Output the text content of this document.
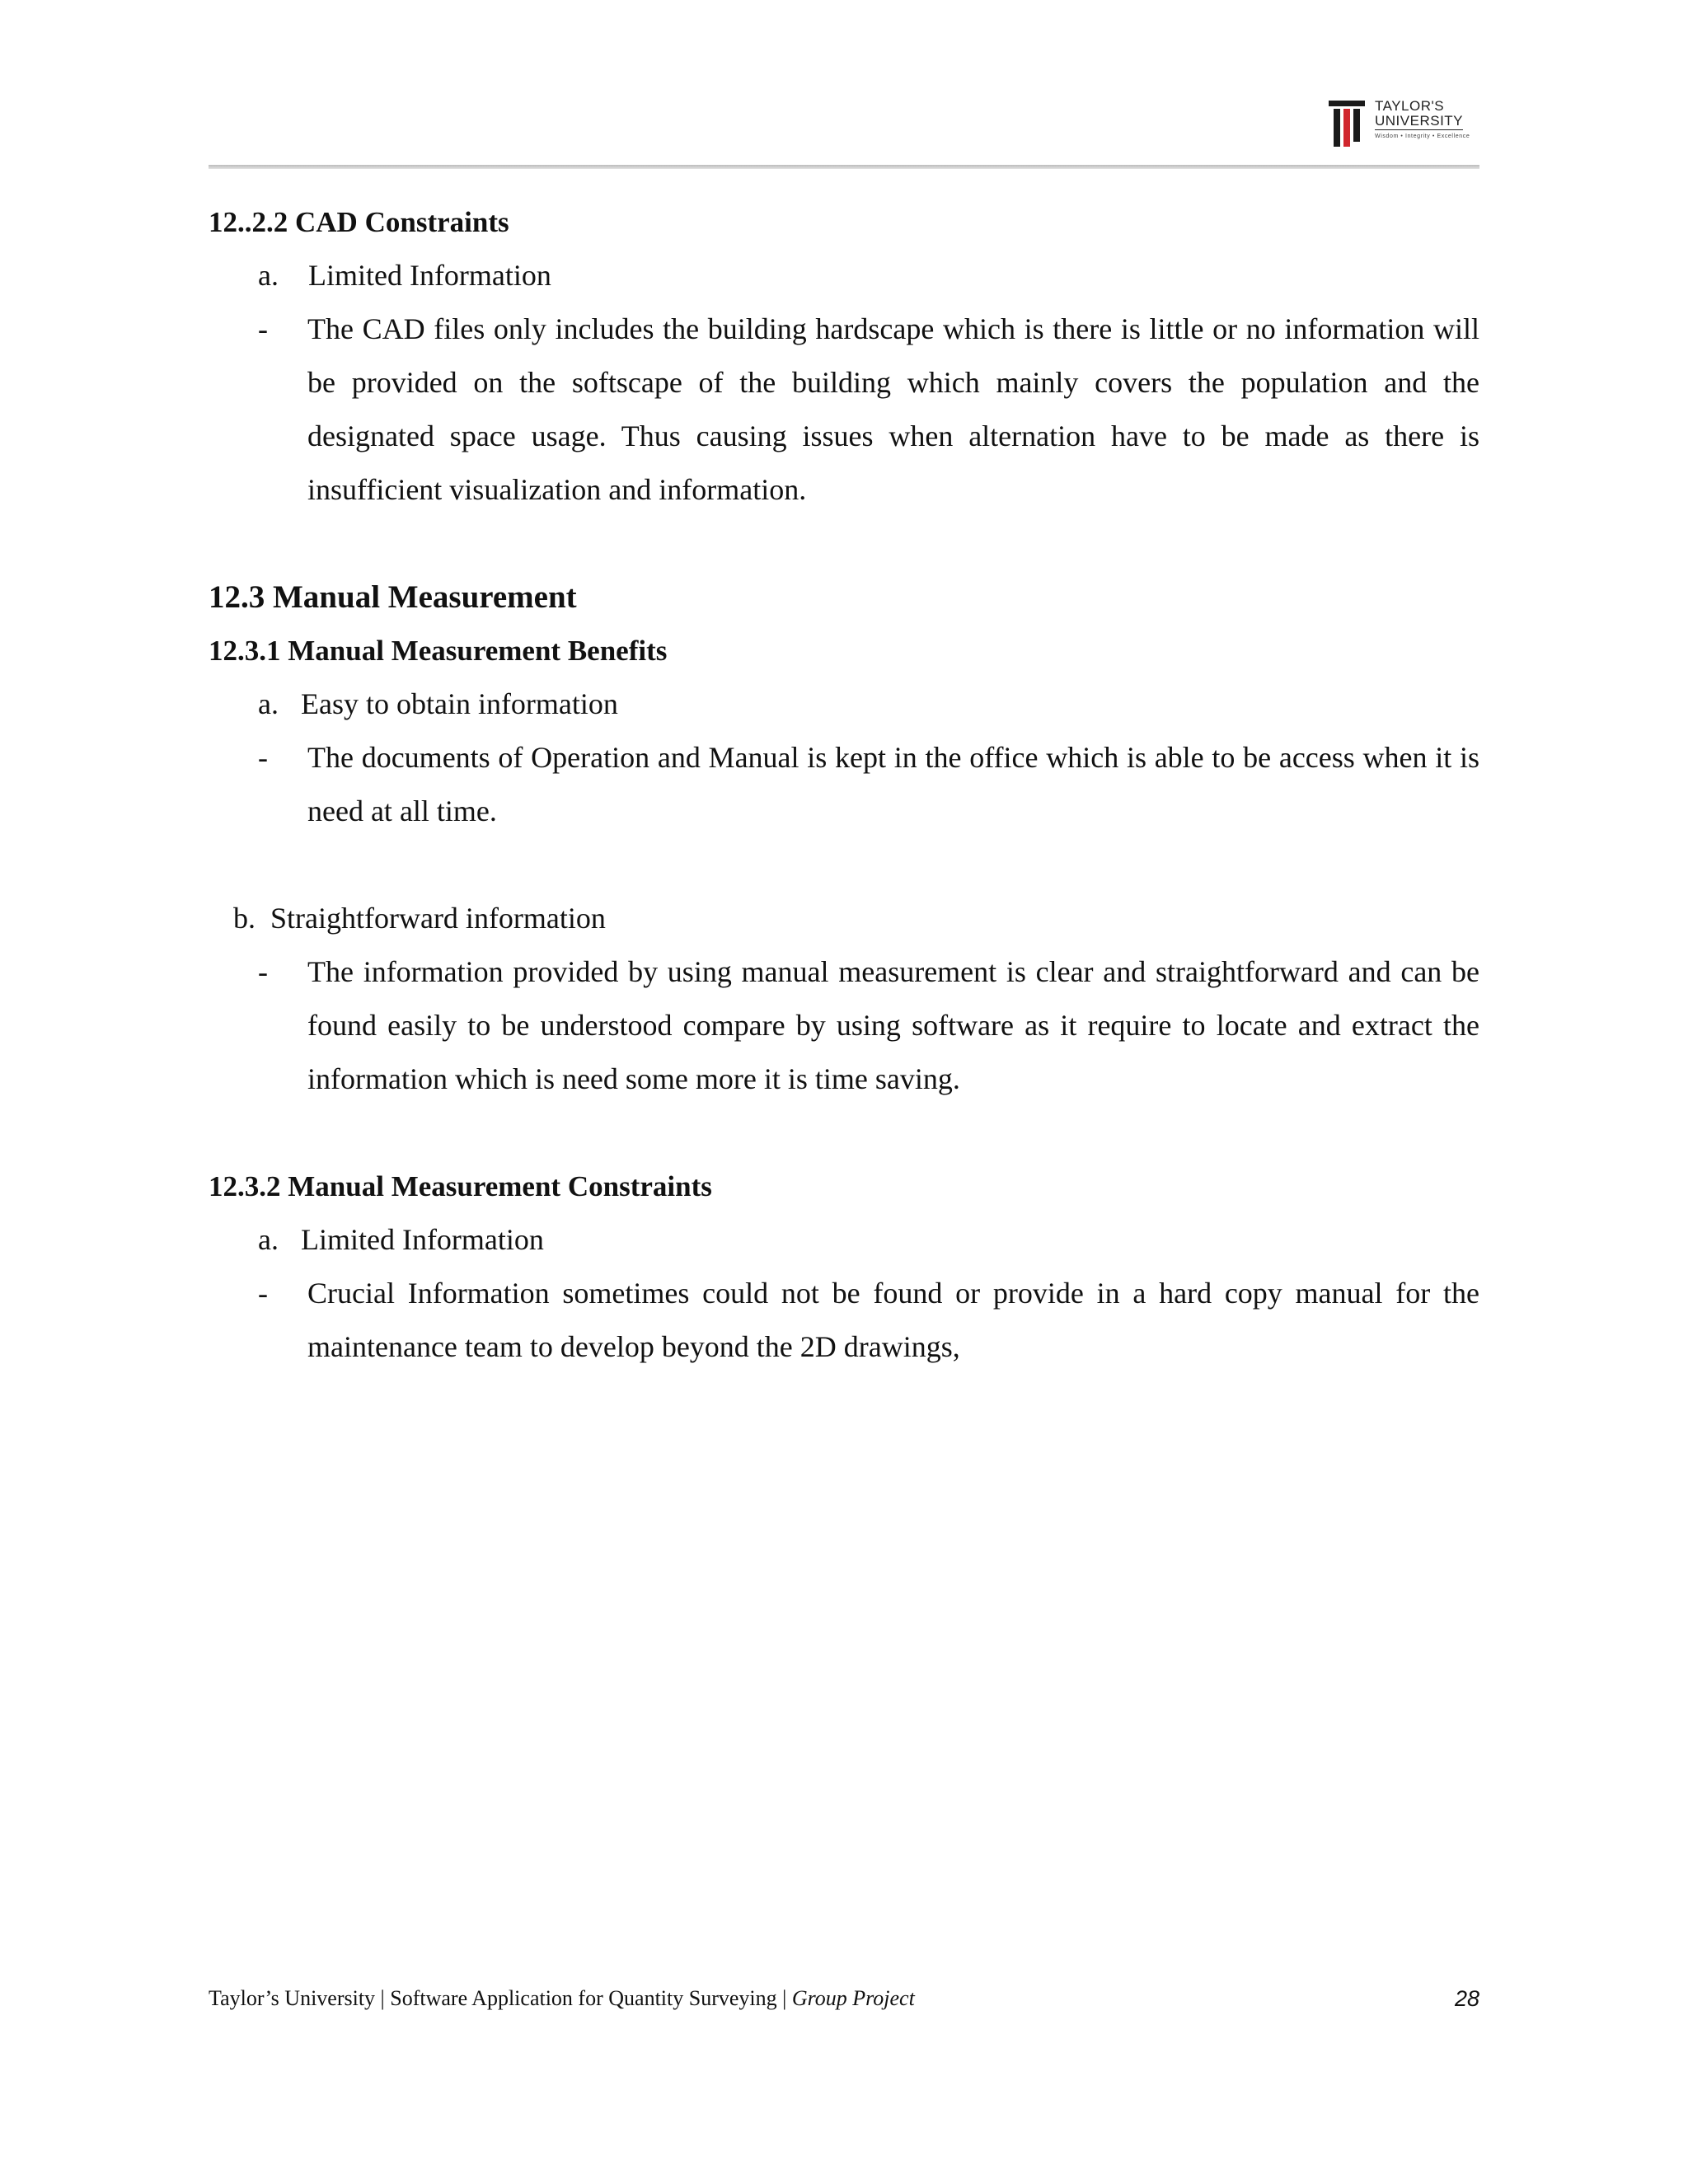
TAYLOR'S
UNIVERSITY
Wisdom • Integrity • Excellence

12..2.2 CAD Constraints

a.    Limited Information

-	The CAD files only includes the building hardscape which is there is little or no information will be provided on the softscape of the building which mainly covers the population and the designated space usage. Thus causing issues when alternation have to be made as there is insufficient visualization and information.

12.3 Manual Measurement

12.3.1 Manual Measurement Benefits

a.   Easy to obtain information

-	The documents of Operation and Manual is kept in the office which is able to be access when it is need at all time.

b.  Straightforward information

-	The information provided by using manual measurement is clear and straightforward and can be found easily to be understood compare by using software as it require to locate and extract the information which is need some more it is time saving.

12.3.2 Manual Measurement Constraints

a.   Limited Information

-	Crucial Information sometimes could not be found or provide in a hard copy manual for the maintenance team to develop beyond the 2D drawings,
Taylor’s University | Software Application for Quantity Surveying | Group Project	28
